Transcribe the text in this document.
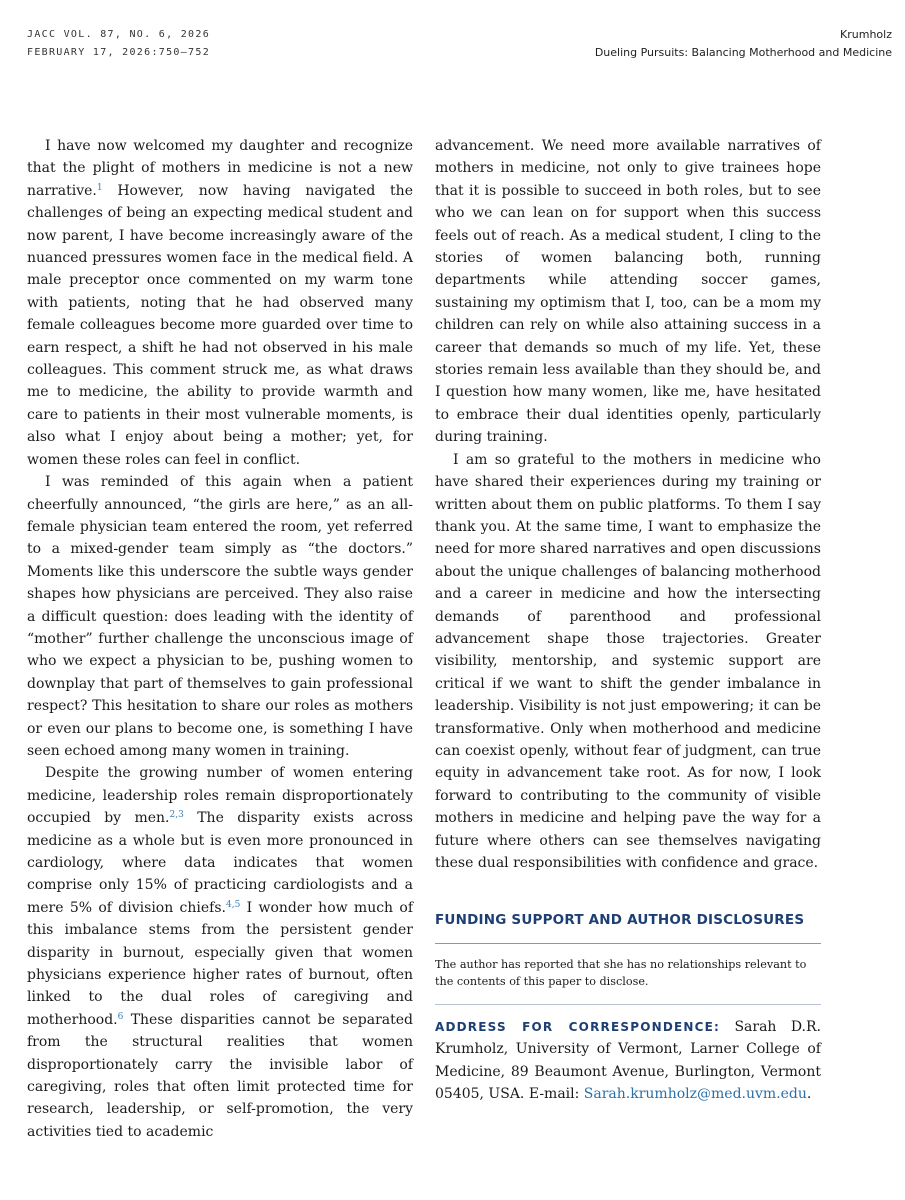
JACC VOL. 87, NO. 6, 2026
FEBRUARY 17, 2026:750–752
Krumholz
Dueling Pursuits: Balancing Motherhood and Medicine

I have now welcomed my daughter and recognize that the plight of mothers in medicine is not a new narrative.$^1$ However, now having navigated the challenges of being an expecting medical student and now parent, I have become increasingly aware of the nuanced pressures women face in the medical field. A male preceptor once commented on my warm tone with patients, noting that he had observed many female colleagues become more guarded over time to earn respect, a shift he had not observed in his male colleagues. This comment struck me, as what draws me to medicine, the ability to provide warmth and care to patients in their most vulnerable moments, is also what I enjoy about being a mother; yet, for women these roles can feel in conflict.

I was reminded of this again when a patient cheerfully announced, “the girls are here,” as an all-female physician team entered the room, yet referred to a mixed-gender team simply as “the doctors.” Moments like this underscore the subtle ways gender shapes how physicians are perceived. They also raise a difficult question: does leading with the identity of “mother” further challenge the unconscious image of who we expect a physician to be, pushing women to downplay that part of themselves to gain professional respect? This hesitation to share our roles as mothers or even our plans to become one, is something I have seen echoed among many women in training.

Despite the growing number of women entering medicine, leadership roles remain disproportionately occupied by men.$^{2,3}$ The disparity exists across medicine as a whole but is even more pronounced in cardiology, where data indicates that women comprise only 15% of practicing cardiologists and a mere 5% of division chiefs.$^{4,5}$ I wonder how much of this imbalance stems from the persistent gender disparity in burnout, especially given that women physicians experience higher rates of burnout, often linked to the dual roles of caregiving and motherhood.$^6$ These disparities cannot be separated from the structural realities that women disproportionately carry the invisible labor of caregiving, roles that often limit protected time for research, leadership, or self-promotion, the very activities tied to academic

advancement. We need more available narratives of mothers in medicine, not only to give trainees hope that it is possible to succeed in both roles, but to see who we can lean on for support when this success feels out of reach. As a medical student, I cling to the stories of women balancing both, running departments while attending soccer games, sustaining my optimism that I, too, can be a mom my children can rely on while also attaining success in a career that demands so much of my life. Yet, these stories remain less available than they should be, and I question how many women, like me, have hesitated to embrace their dual identities openly, particularly during training.

I am so grateful to the mothers in medicine who have shared their experiences during my training or written about them on public platforms. To them I say thank you. At the same time, I want to emphasize the need for more shared narratives and open discussions about the unique challenges of balancing motherhood and a career in medicine and how the intersecting demands of parenthood and professional advancement shape those trajectories. Greater visibility, mentorship, and systemic support are critical if we want to shift the gender imbalance in leadership. Visibility is not just empowering; it can be transformative. Only when motherhood and medicine can coexist openly, without fear of judgment, can true equity in advancement take root. As for now, I look forward to contributing to the community of visible mothers in medicine and helping pave the way for a future where others can see themselves navigating these dual responsibilities with confidence and grace.

FUNDING SUPPORT AND AUTHOR DISCLOSURES
The author has reported that she has no relationships relevant to the contents of this paper to disclose.
ADDRESS FOR CORRESPONDENCE: Sarah D.R. Krumholz, University of Vermont, Larner College of Medicine, 89 Beaumont Avenue, Burlington, Vermont 05405, USA. E-mail: Sarah.krumholz@med.uvm.edu.
